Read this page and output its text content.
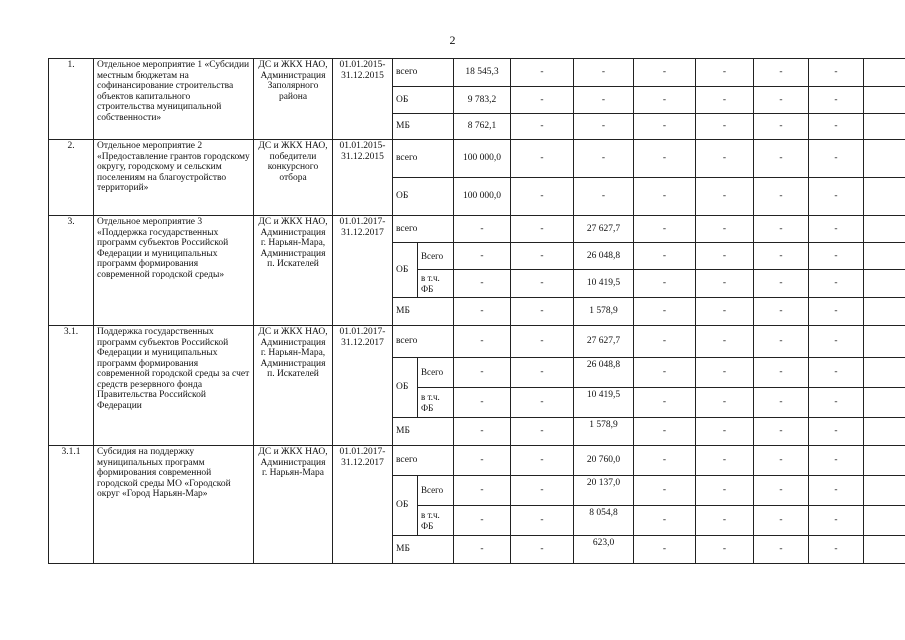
2
1.	Отдельное мероприятие 1 «Субсидии местным бюджетам на софинансирование строительства объектов капитального строительства муниципальной собственности»	ДС и ЖКХ НАО, Администрация Заполярного района	01.01.2015-31.12.2015	всего		18 545,3	-	-	-	-	-	-	
				ОБ		9 783,2	-	-	-	-	-	-	
				МБ		8 762,1	-	-	-	-	-	-	
2.	Отдельное мероприятие 2 «Предоставление грантов городскому округу, городскому и сельским поселениям на благоустройство территорий»	ДС и ЖКХ НАО, победители конкурсного отбора	01.01.2015-31.12.2015	всего		100 000,0	-	-	-	-	-	-	
				ОБ		100 000,0	-	-	-	-	-	-	
3.	Отдельное мероприятие 3 «Поддержка государственных программ субъектов Российской Федерации и муниципальных программ формирования современной городской среды»	ДС и ЖКХ НАО, Администрация г. Нарьян-Мара, Администрация п. Искателей	01.01.2017-31.12.2017	всего		-	-	27 627,7	-	-	-	-	
				ОБ	Всего	-	-	26 048,8	-	-	-	-	
					в т.ч. ФБ	-	-	10 419,5	-	-	-	-	
				МБ		-	-	1 578,9	-	-	-	-	
3.1.	Поддержка государственных программ субъектов Российской Федерации и муниципальных программ формирования современной городской среды за счет средств резервного фонда Правительства Российской Федерации	ДС и ЖКХ НАО, Администрация г. Нарьян-Мара, Администрация п. Искателей	01.01.2017-31.12.2017	всего		-	-	27 627,7	-	-	-	-	
				ОБ	Всего	-	-	26 048,8	-	-	-	-	
					в т.ч. ФБ	-	-	10 419,5	-	-	-	-	
				МБ		-	-	1 578,9	-	-	-	-	
3.1.1	Субсидия на поддержку муниципальных программ формирования современной городской среды МО «Городской округ «Город Нарьян-Мар»	ДС и ЖКХ НАО, Администрация г. Нарьян-Мара	01.01.2017-31.12.2017	всего		-	-	20 760,0	-	-	-	-	
				ОБ	Всего	-	-	20 137,0	-	-	-	-	
					в т.ч. ФБ	-	-	8 054,8	-	-	-	-	
				МБ		-	-	623,0	-	-	-	-	
